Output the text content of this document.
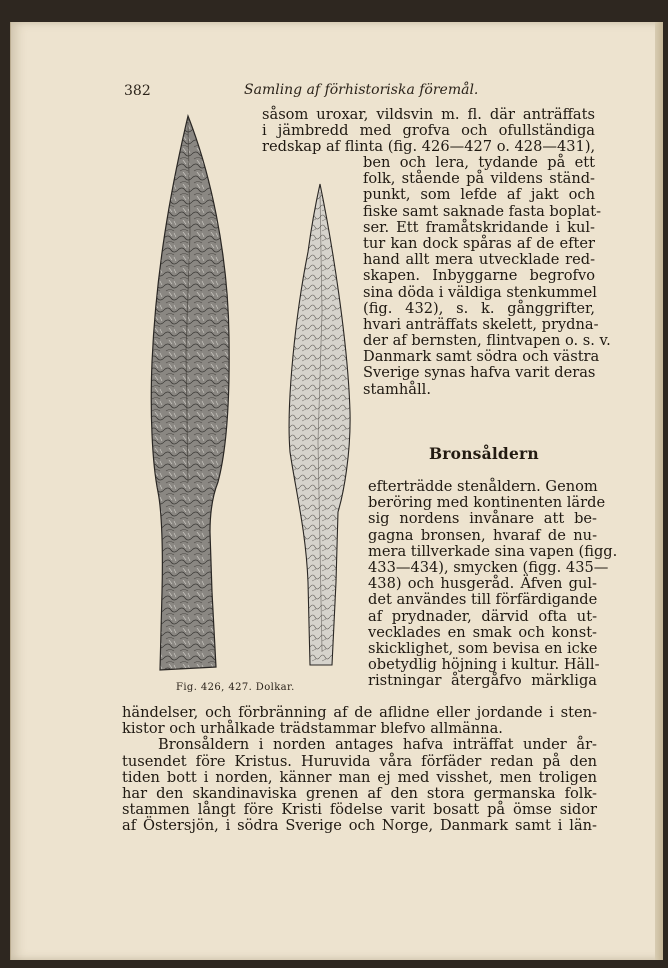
382	Samling af förhistoriska föremål.
såsom uroxar, vildsvin m. fl. där anträffats
i jämbredd med grofva och ofullständiga
redskap af flinta (fig. 426—427 o. 428—431),
ben och lera, tydande på ett
folk, stående på vildens ständ-
punkt, som lefde af jakt och
fiske samt saknade fasta boplat-
ser. Ett framåtskridande i kul-
tur kan dock spåras af de efter
hand allt mera utvecklade red-
skapen. Inbyggarne begrofvo
sina döda i väldiga stenkummel
(fig. 432), s. k. gånggrifter,
hvari anträffats skelett, prydna-
der af bernsten, flintvapen o. s. v.
Danmark samt södra och västra
Sverige synas hafva varit deras
stamhåll.
Bronsåldern
efterträdde stenåldern. Genom
beröring med kontinenten lärde
sig nordens invånare att be-
gagna bronsen, hvaraf de nu-
mera tillverkade sina vapen (figg.
433—434), smycken (figg. 435—
438) och husgeråd. Äfven gul-
det användes till förfärdigande
af prydnader, därvid ofta ut-
vecklades en smak och konst-
skicklighet, som bevisa en icke
obetydlig höjning i kultur. Häll-
ristningar återgåfvo märkliga
Fig. 426, 427. Dolkar.
händelser, och förbränning af de aflidne eller jordande i sten-
kistor och urhålkade trädstammar blefvo allmänna.
Bronsåldern i norden antages hafva inträffat under år-
tusendet före Kristus. Huruvida våra förfäder redan på den
tiden bott i norden, känner man ej med visshet, men troligen
har den skandinaviska grenen af den stora germanska folk-
stammen långt före Kristi födelse varit bosatt på ömse sidor
af Östersjön, i södra Sverige och Norge, Danmark samt i län-
